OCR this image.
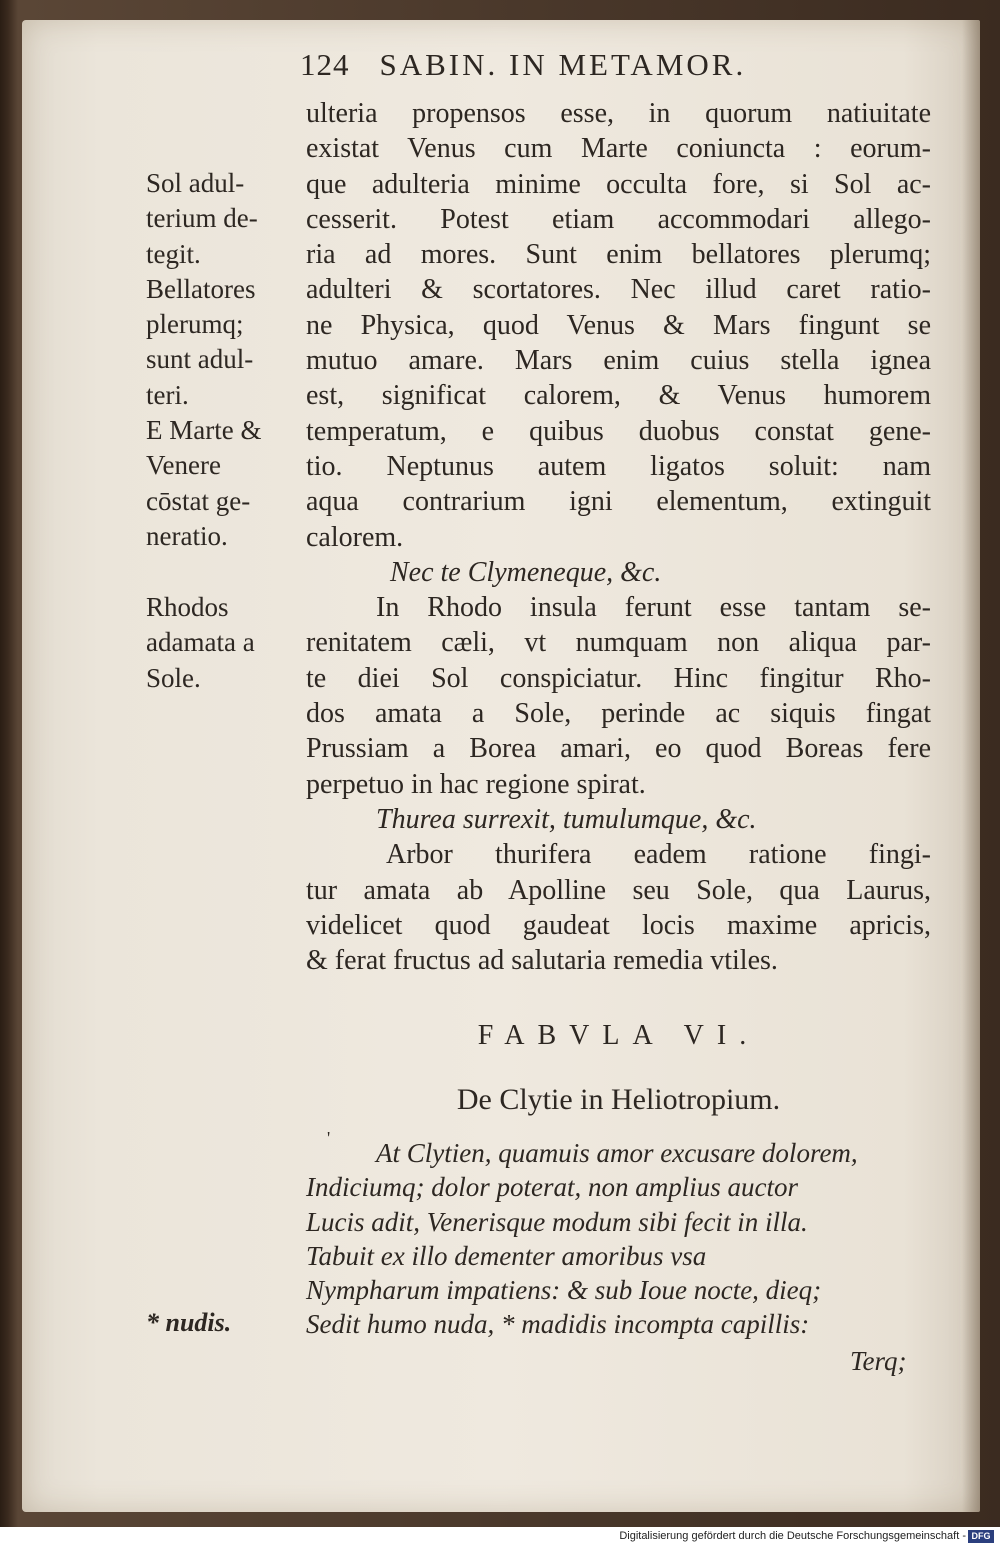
124 SABIN. IN METAMOR.
ulteria propensos esse, in quorum natiuitate
existat Venus cum Marte coniuncta : eorum-
que adulteria minime occulta fore, si Sol ac-
cesserit. Potest etiam accommodari allego-
ria ad mores. Sunt enim bellatores plerumq;
adulteri & scortatores. Nec illud caret ratio-
ne Physica, quod Venus & Mars fingunt se
mutuo amare. Mars enim cuius stella ignea
est, significat calorem, & Venus humorem
temperatum, e quibus duobus constat gene-
tio. Neptunus autem ligatos soluit: nam
aqua contrarium igni elementum, extinguit
calorem.
Nec te Clymeneque, &c.
In Rhodo insula ferunt esse tantam se-
renitatem cæli, vt numquam non aliqua par-
te diei Sol conspiciatur. Hinc fingitur Rho-
dos amata a Sole, perinde ac siquis fingat
Prussiam a Borea amari, eo quod Boreas fere
perpetuo in hac regione spirat.
Thurea surrexit, tumulumque, &c.
Arbor thurifera eadem ratione fingi-
tur amata ab Apolline seu Sole, qua Laurus,
videlicet quod gaudeat locis maxime apricis,
& ferat fructus ad salutaria remedia vtiles.
Sol adul-
terium de-
tegit.
Bellatores
plerumq;
sunt adul-
teri.
E Marte &
Venere
cōstat ge-
neratio.
Rhodos
adamata a
Sole.
FABVLA VI.
De Clytie in Heliotropium.
'	At Clytien, quamuis amor excusare dolorem,
Indiciumq; dolor poterat, non amplius auctor
Lucis adit, Venerisque modum sibi fecit in illa.
Tabuit ex illo dementer amoribus vsa
Nympharum impatiens: & sub Ioue nocte, dieq;
Sedit humo nuda, * madidis incompta capillis:
* nudis.
Terq;
Digitalisierung gefördert durch die Deutsche Forschungsgemeinschaft - DFG
